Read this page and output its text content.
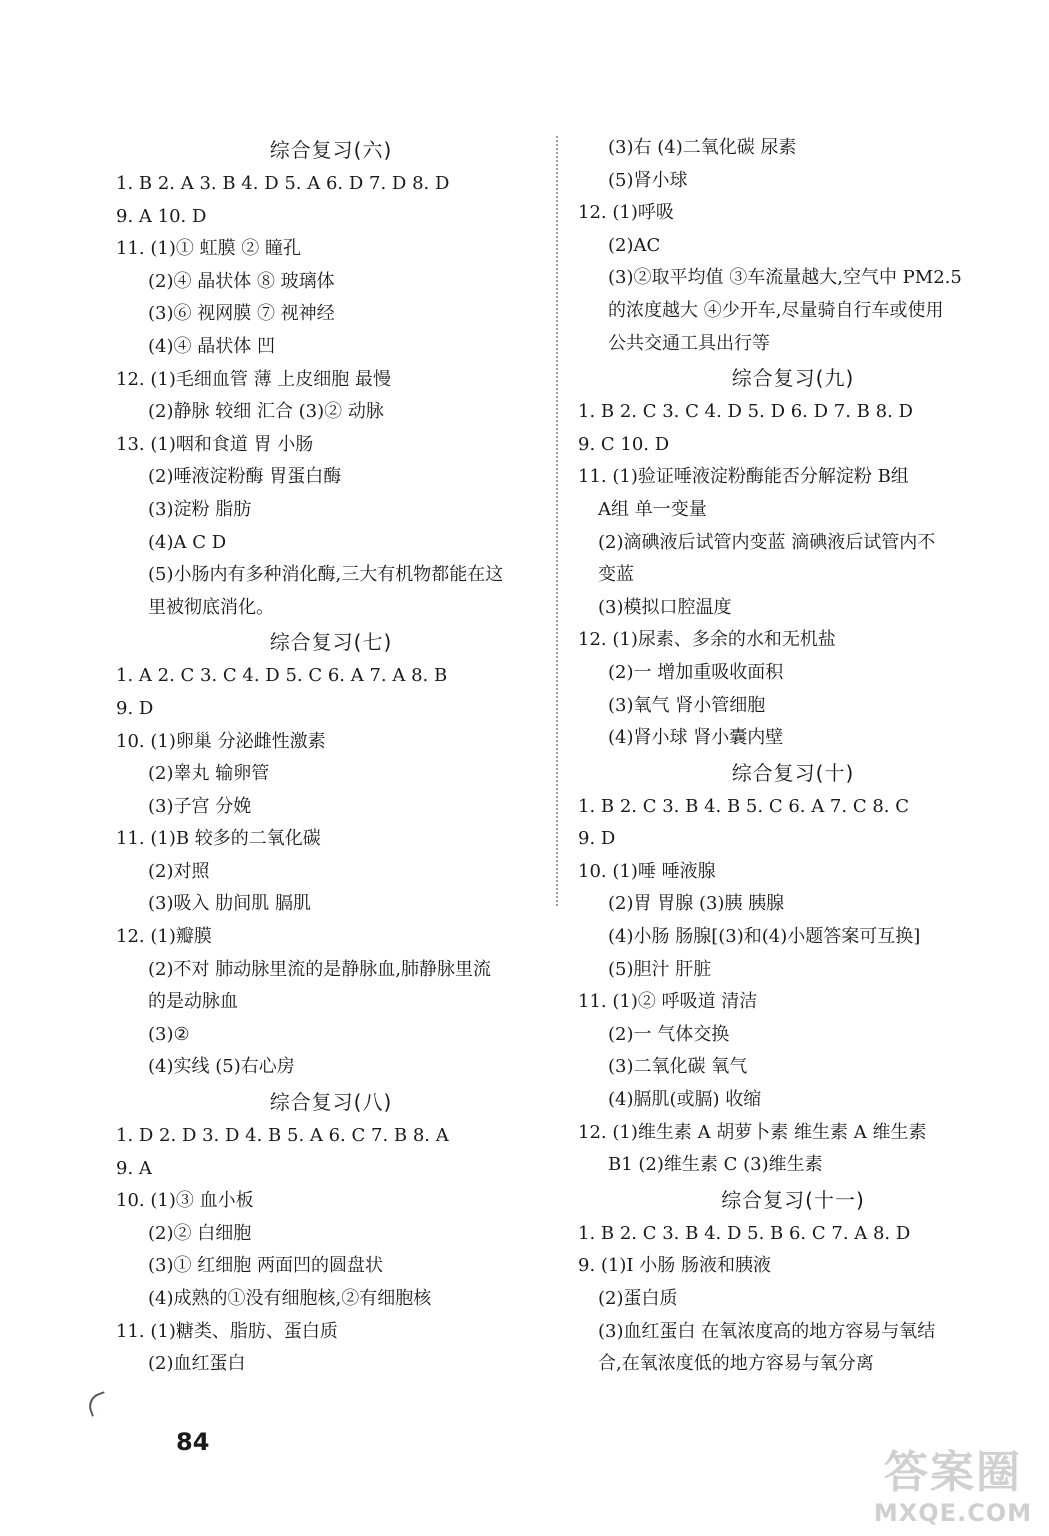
综合复习(六)
1. B 2. A 3. B 4. D 5. A 6. D 7. D 8. D
9. A 10. D
11. (1)① 虹膜 ② 瞳孔
(2)④ 晶状体 ⑧ 玻璃体
(3)⑥ 视网膜 ⑦ 视神经
(4)④ 晶状体 凹
12. (1)毛细血管 薄 上皮细胞 最慢
(2)静脉 较细 汇合 (3)② 动脉
13. (1)咽和食道 胃 小肠
(2)唾液淀粉酶 胃蛋白酶
(3)淀粉 脂肪
(4)A C D
(5)小肠内有多种消化酶,三大有机物都能在这
里被彻底消化。
综合复习(七)
1. A 2. C 3. C 4. D 5. C 6. A 7. A 8. B
9. D
10. (1)卵巢 分泌雌性激素
(2)睾丸 输卵管
(3)子宫 分娩
11. (1)B 较多的二氧化碳
(2)对照
(3)吸入 肋间肌 膈肌
12. (1)瓣膜
(2)不对 肺动脉里流的是静脉血,肺静脉里流
的是动脉血
(3)②
(4)实线 (5)右心房
综合复习(八)
1. D 2. D 3. D 4. B 5. A 6. C 7. B 8. A
9. A
10. (1)③ 血小板
(2)② 白细胞
(3)① 红细胞 两面凹的圆盘状
(4)成熟的①没有细胞核,②有细胞核
11. (1)糖类、脂肪、蛋白质
(2)血红蛋白
(3)右 (4)二氧化碳 尿素
(5)肾小球
12. (1)呼吸
(2)AC
(3)②取平均值 ③车流量越大,空气中 PM2.5
的浓度越大 ④少开车,尽量骑自行车或使用
公共交通工具出行等
综合复习(九)
1. B 2. C 3. C 4. D 5. D 6. D 7. B 8. D
9. C 10. D
11. (1)验证唾液淀粉酶能否分解淀粉 B组
A组 单一变量
(2)滴碘液后试管内变蓝 滴碘液后试管内不
变蓝
(3)模拟口腔温度
12. (1)尿素、多余的水和无机盐
(2)一 增加重吸收面积
(3)氧气 肾小管细胞
(4)肾小球 肾小囊内壁
综合复习(十)
1. B 2. C 3. B 4. B 5. C 6. A 7. C 8. C
9. D
10. (1)唾 唾液腺
(2)胃 胃腺 (3)胰 胰腺
(4)小肠 肠腺[(3)和(4)小题答案可互换]
(5)胆汁 肝脏
11. (1)② 呼吸道 清洁
(2)一 气体交换
(3)二氧化碳 氧气
(4)膈肌(或膈) 收缩
12. (1)维生素 A 胡萝卜素 维生素 A 维生素
B1 (2)维生素 C (3)维生素
综合复习(十一)
1. B 2. C 3. B 4. D 5. B 6. C 7. A 8. D
9. (1)Ⅰ 小肠 肠液和胰液
(2)蛋白质
(3)血红蛋白 在氧浓度高的地方容易与氧结
合,在氧浓度低的地方容易与氧分离
84
答案圈
MXQE.COM
